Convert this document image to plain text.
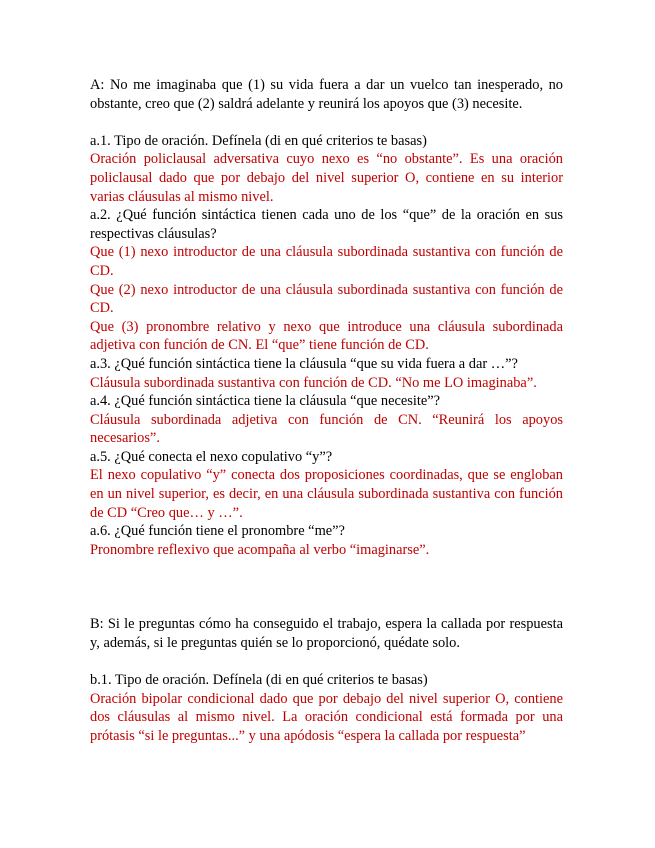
A: No me imaginaba que (1) su vida fuera a dar un vuelco tan inesperado, no obstante, creo que (2) saldrá adelante y reunirá los apoyos que (3) necesite.

a.1. Tipo de oración. Defínela (di en qué criterios te basas)

Oración policlausal adversativa cuyo nexo es “no obstante”. Es una oración policlausal dado que por debajo del nivel superior O, contiene en su interior varias cláusulas al mismo nivel.

a.2. ¿Qué función sintáctica tienen cada uno de los “que” de la oración en sus respectivas cláusulas?

Que (1) nexo introductor de una cláusula subordinada sustantiva con función de CD.

Que (2) nexo introductor de una cláusula subordinada sustantiva con función de CD.

Que (3) pronombre relativo y nexo que introduce una cláusula subordinada adjetiva con función de CN. El “que” tiene función de CD.

a.3. ¿Qué función sintáctica tiene la cláusula “que su vida fuera a dar …”?

Cláusula subordinada sustantiva con función de CD. “No me LO imaginaba”.

a.4. ¿Qué función sintáctica tiene la cláusula “que necesite”?

Cláusula subordinada adjetiva con función de CN. “Reunirá los apoyos necesarios”.

a.5. ¿Qué conecta el nexo copulativo “y”?

El nexo copulativo “y” conecta dos proposiciones coordinadas, que se engloban en un nivel superior, es decir, en una cláusula subordinada sustantiva con función de CD “Creo que… y …”.

a.6. ¿Qué función tiene el pronombre “me”?

Pronombre reflexivo que acompaña al verbo “imaginarse”.

B: Si le preguntas cómo ha conseguido el trabajo, espera la callada por respuesta y, además, si le preguntas quién se lo proporcionó, quédate solo.

b.1. Tipo de oración. Defínela (di en qué criterios te basas)

Oración bipolar condicional dado que por debajo del nivel superior O, contiene dos cláusulas al mismo nivel. La oración condicional está formada por una prótasis “si le preguntas...” y una apódosis “espera la callada por respuesta”
